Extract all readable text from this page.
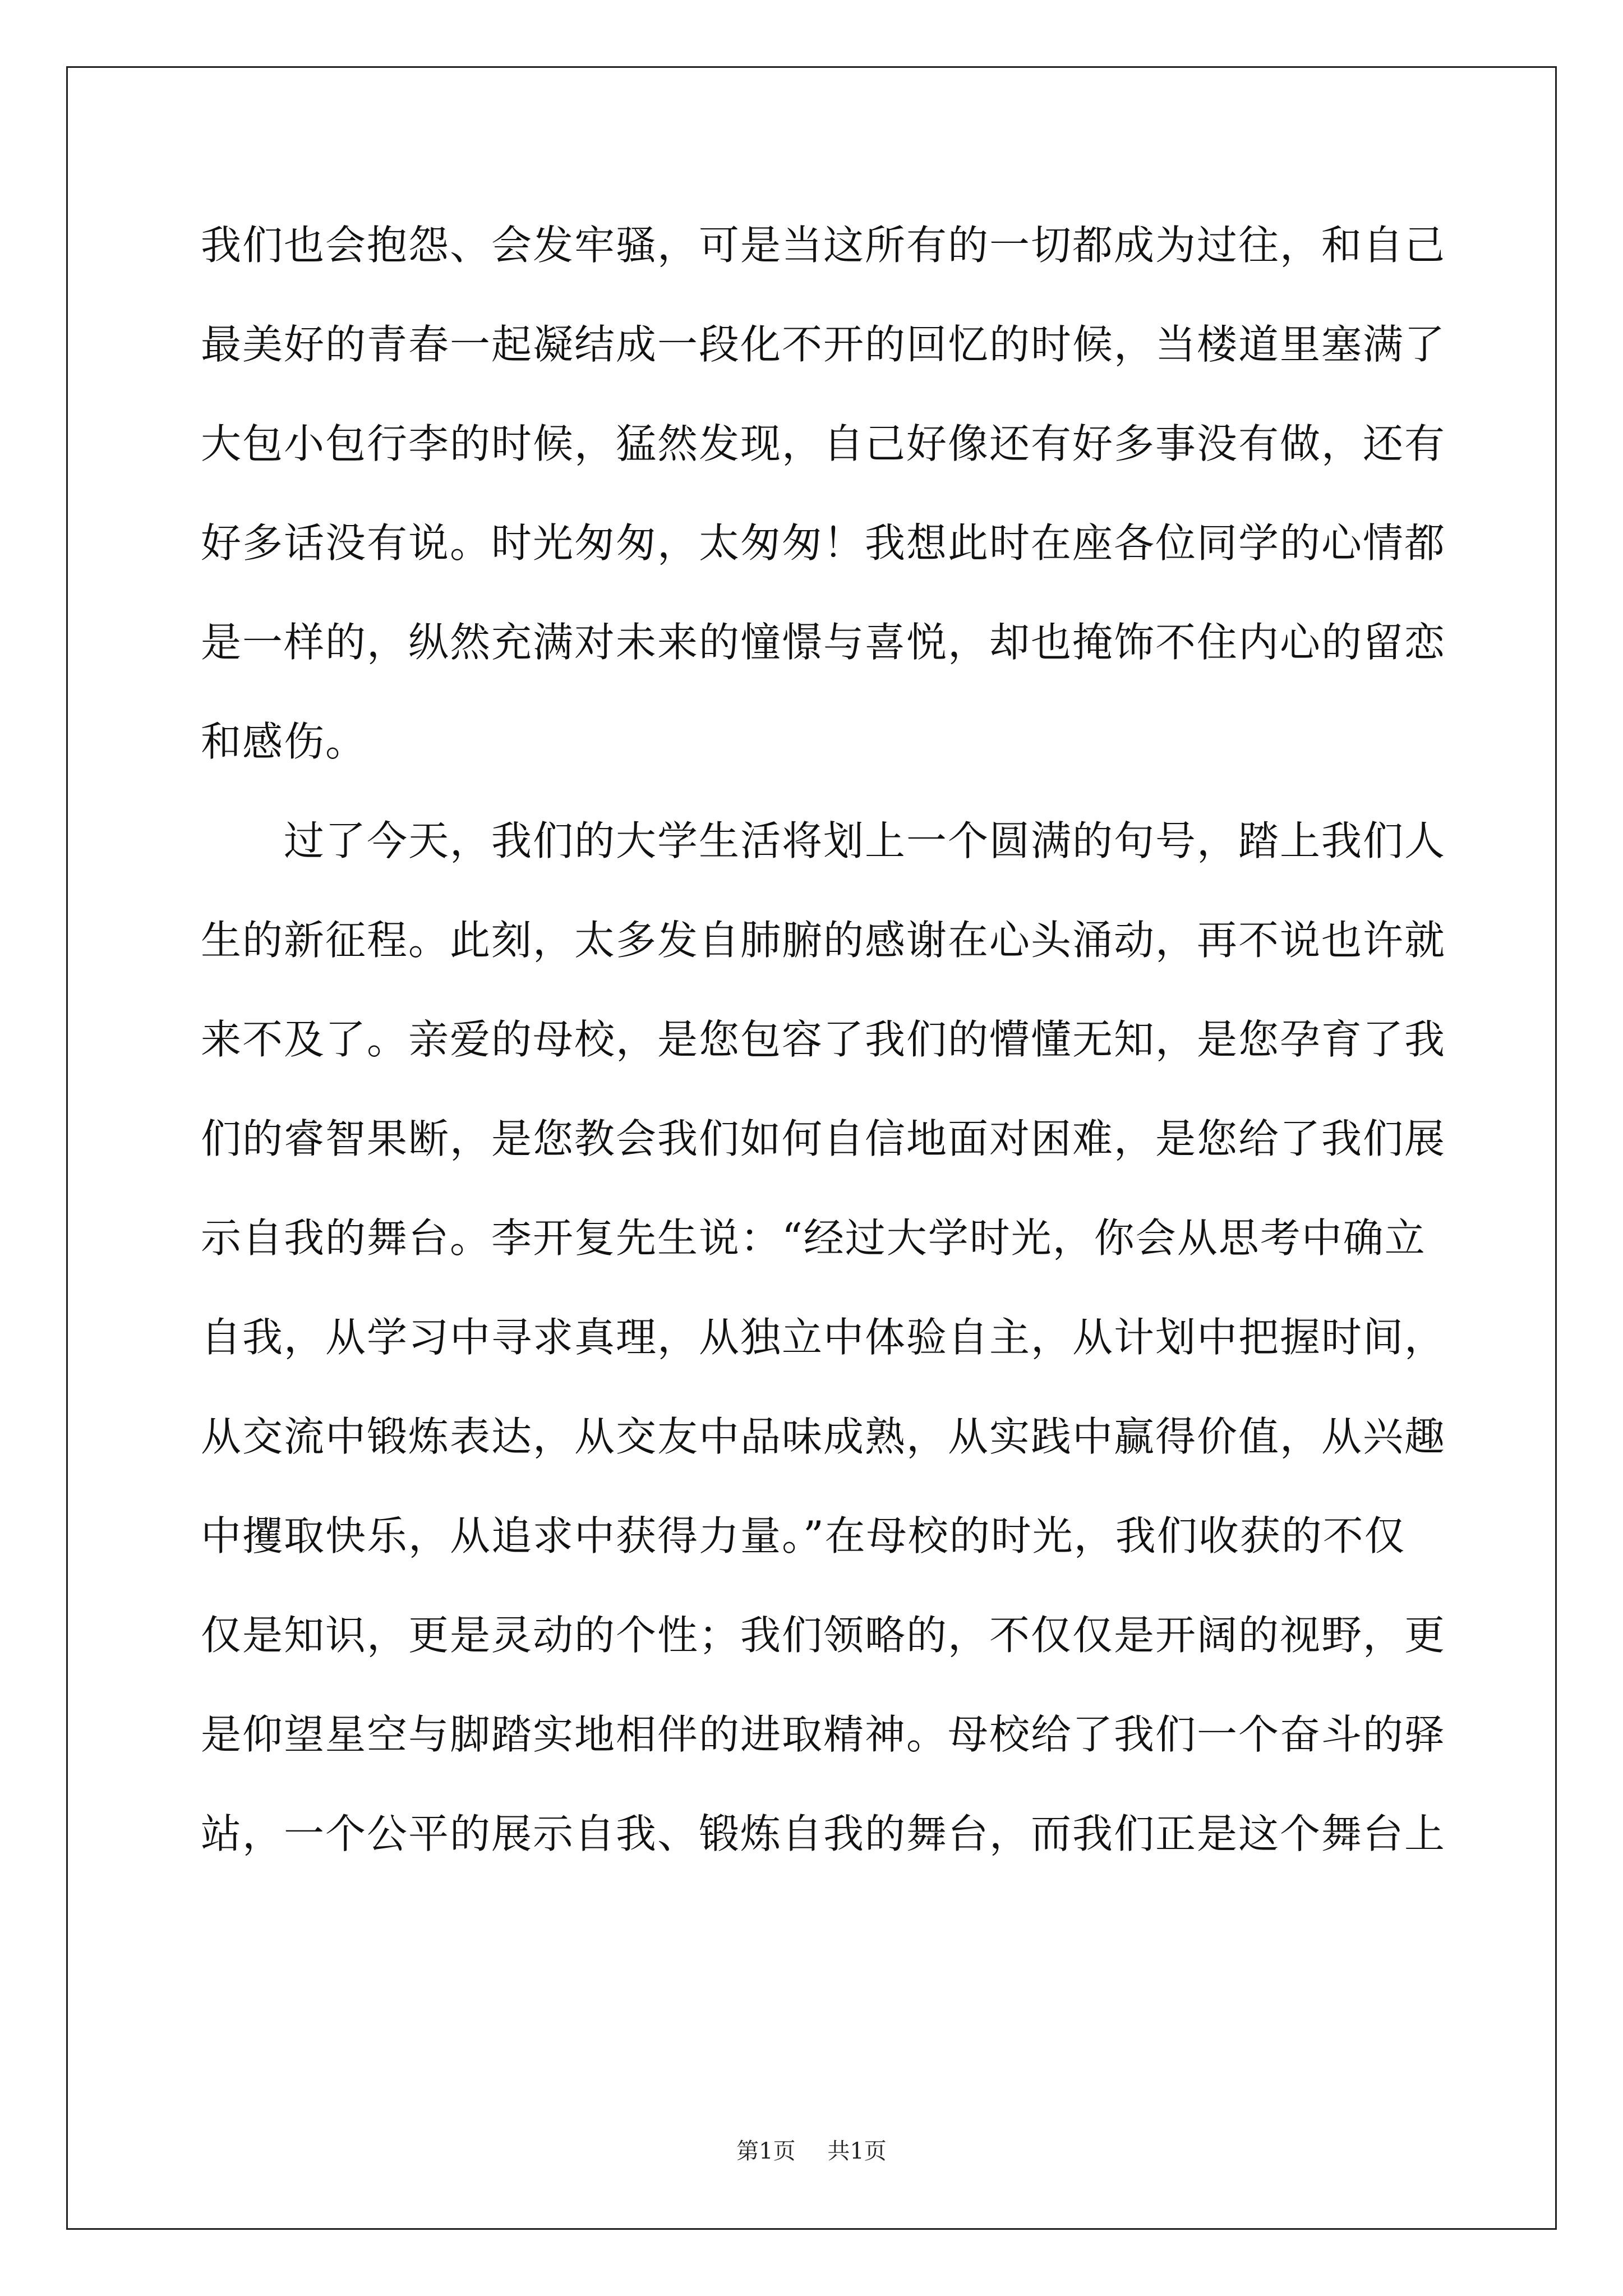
我们也会抱怨、会发牢骚，可是当这所有的一切都成为过往，和自己
最美好的青春一起凝结成一段化不开的回忆的时候，当楼道里塞满了
大包小包行李的时候，猛然发现，自己好像还有好多事没有做，还有
好多话没有说。时光匆匆，太匆匆！我想此时在座各位同学的心情都
是一样的，纵然充满对未来的憧憬与喜悦，却也掩饰不住内心的留恋
和感伤。
过了今天，我们的大学生活将划上一个圆满的句号，踏上我们人
生的新征程。此刻，太多发自肺腑的感谢在心头涌动，再不说也许就
来不及了。亲爱的母校，是您包容了我们的懵懂无知，是您孕育了我
们的睿智果断，是您教会我们如何自信地面对困难，是您给了我们展
示自我的舞台。李开复先生说：“经过大学时光，你会从思考中确立
自我，从学习中寻求真理，从独立中体验自主，从计划中把握时间，
从交流中锻炼表达，从交友中品味成熟，从实践中赢得价值，从兴趣
中攫取快乐，从追求中获得力量。”在母校的时光，我们收获的不仅
仅是知识，更是灵动的个性；我们领略的，不仅仅是开阔的视野，更
是仰望星空与脚踏实地相伴的进取精神。母校给了我们一个奋斗的驿
站，一个公平的展示自我、锻炼自我的舞台，而我们正是这个舞台上
第1页 共1页
